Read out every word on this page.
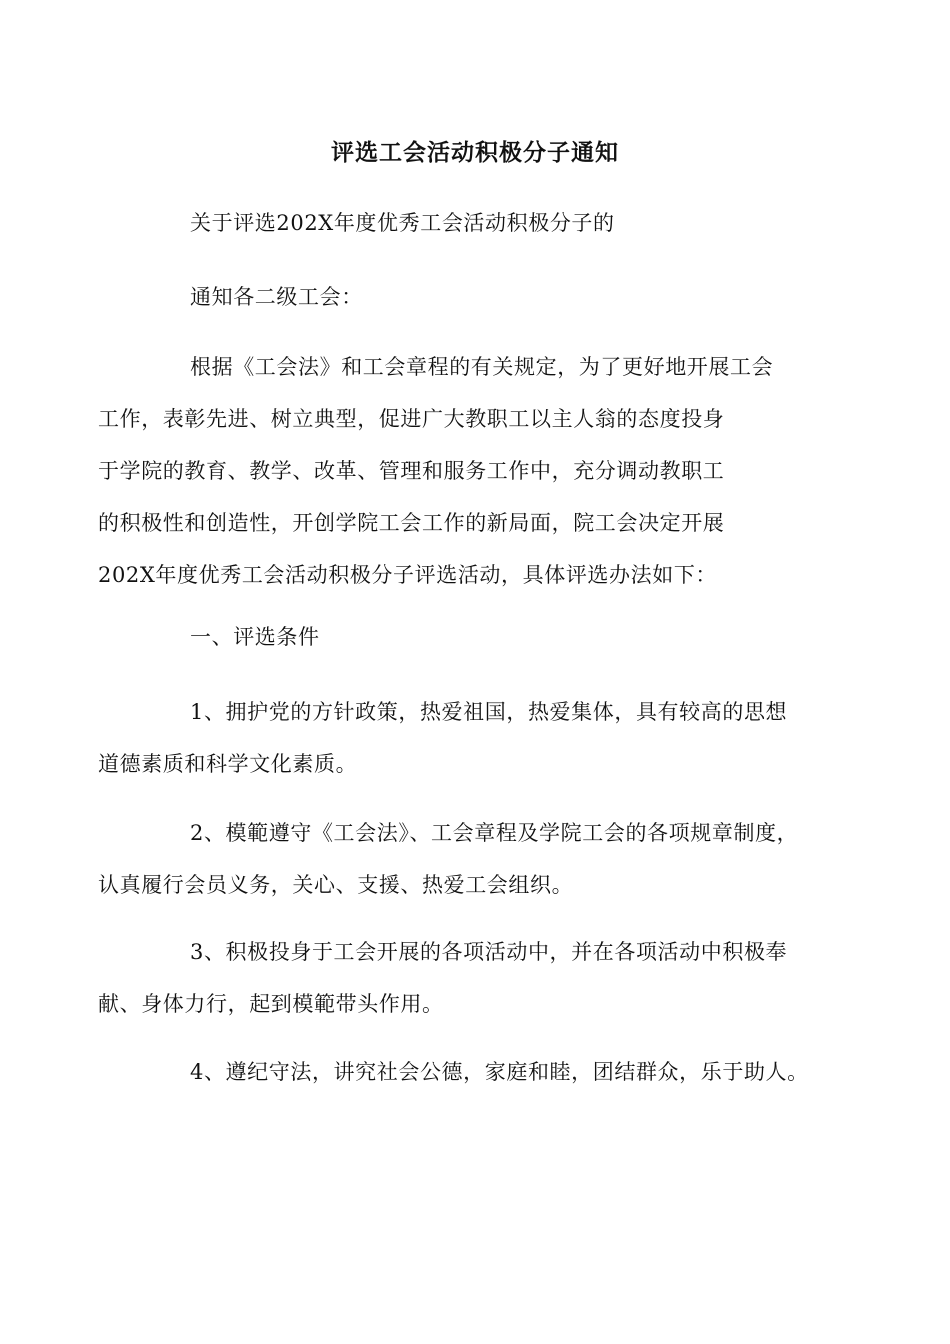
评选工会活动积极分子通知

关于评选202X年度优秀工会活动积极分子的

通知各二级工会：

根据《工会法》和工会章程的有关规定，为了更好地开展工会
工作，表彰先进、树立典型，促进广大教职工以主人翁的态度投身
于学院的教育、教学、改革、管理和服务工作中，充分调动教职工
的积极性和创造性，开创学院工会工作的新局面，院工会决定开展
202X年度优秀工会活动积极分子评选活动，具体评选办法如下：

一、评选条件

1、拥护党的方针政策，热爱祖国，热爱集体，具有较高的思想
道德素质和科学文化素质。

2、模範遵守《工会法》、工会章程及学院工会的各项规章制度，
认真履行会员义务，关心、支援、热爱工会组织。

3、积极投身于工会开展的各项活动中，并在各项活动中积极奉
献、身体力行，起到模範带头作用。

4、遵纪守法，讲究社会公德，家庭和睦，团结群众，乐于助人。
